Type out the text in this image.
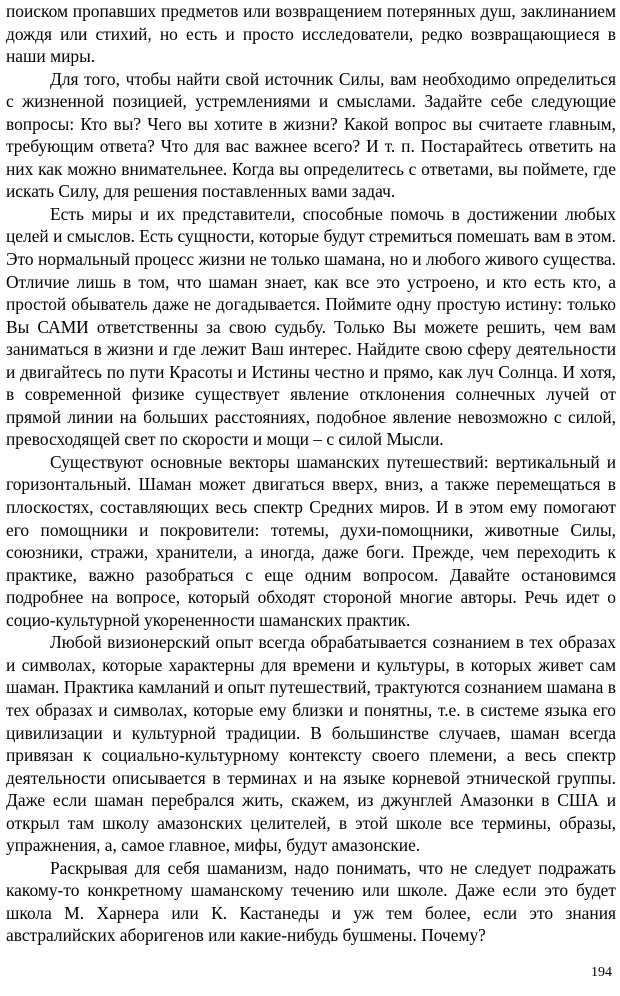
поиском пропавших предметов или возвращением потерянных душ, заклинанием дождя или стихий, но есть и просто исследователи, редко возвращающиеся в наши миры.

Для того, чтобы найти свой источник Силы, вам необходимо определиться с жизненной позицией, устремлениями и смыслами. Задайте себе следующие вопросы: Кто вы? Чего вы хотите в жизни? Какой вопрос вы считаете главным, требующим ответа? Что для вас важнее всего? И т. п. Постарайтесь ответить на них как можно внимательнее. Когда вы определитесь с ответами, вы поймете, где искать Силу, для решения поставленных вами задач.

Есть миры и их представители, способные помочь в достижении любых целей и смыслов. Есть сущности, которые будут стремиться помешать вам в этом. Это нормальный процесс жизни не только шамана, но и любого живого существа. Отличие лишь в том, что шаман знает, как все это устроено, и кто есть кто, а простой обыватель даже не догадывается. Поймите одну простую истину: только Вы САМИ ответственны за свою судьбу. Только Вы можете решить, чем вам заниматься в жизни и где лежит Ваш интерес. Найдите свою сферу деятельности и двигайтесь по пути Красоты и Истины честно и прямо, как луч Солнца. И хотя, в современной физике существует явление отклонения солнечных лучей от прямой линии на больших расстояниях, подобное явление невозможно с силой, превосходящей свет по скорости и мощи – с силой Мысли.

Существуют основные векторы шаманских путешествий: вертикальный и горизонтальный. Шаман может двигаться вверх, вниз, а также перемещаться в плоскостях, составляющих весь спектр Средних миров. И в этом ему помогают его помощники и покровители: тотемы, духи-помощники, животные Силы, союзники, стражи, хранители, а иногда, даже боги. Прежде, чем переходить к практике, важно разобраться с еще одним вопросом. Давайте остановимся подробнее на вопросе, который обходят стороной многие авторы. Речь идет о социо-культурной укорененности шаманских практик.

Любой визионерский опыт всегда обрабатывается сознанием в тех образах и символах, которые характерны для времени и культуры, в которых живет сам шаман. Практика камланий и опыт путешествий, трактуются сознанием шамана в тех образах и символах, которые ему близки и понятны, т.е. в системе языка его цивилизации и культурной традиции. В большинстве случаев, шаман всегда привязан к социально-культурному контексту своего племени, а весь спектр деятельности описывается в терминах и на языке корневой этнической группы. Даже если шаман перебрался жить, скажем, из джунглей Амазонки в США и открыл там школу амазонских целителей, в этой школе все термины, образы, упражнения, а, самое главное, мифы, будут амазонские.

Раскрывая для себя шаманизм, надо понимать, что не следует подражать какому-то конкретному шаманскому течению или школе. Даже если это будет школа М. Харнера или К. Кастанеды и уж тем более, если это знания австралийских аборигенов или какие-нибудь бушмены. Почему?

194
